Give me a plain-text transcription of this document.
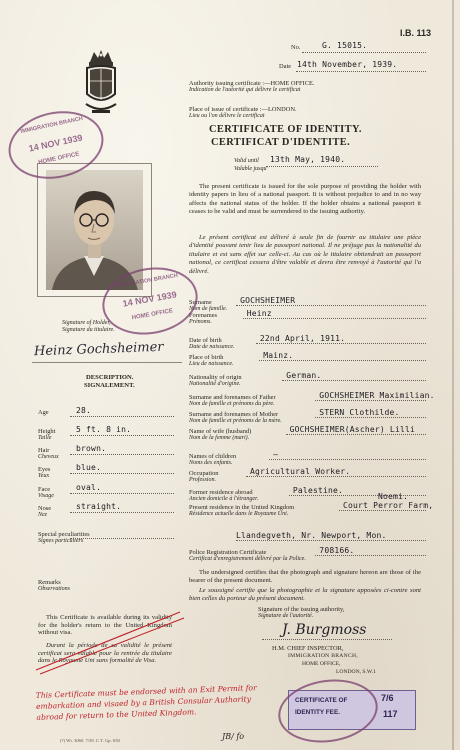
I.B. 113
No.	G. 15015.
Date 14th November, 1939.
Authority issuing certificate :—HOME OFFICE.
Indication de l'autorité qui délivre le certificat
Place of issue of certificate :—LONDON.
Lieu ou l'on délivre le certificat
CERTIFICATE OF IDENTITY.
CERTIFICAT D'IDENTITE.
Valid until
Valable jusqu'
13th May, 1940.
The present certificate is issued for the sole purpose of providing the holder with identity papers in lieu of a national passport. It is without prejudice to and in no way affects the national status of the holder. If the holder obtains a national passport it ceases to be valid and must be surrendered to the issuing authority.
Le présent certificat est délivré à seule fin de fournir au titulaire une pièce d'identité pouvant tenir lieu de passeport national. Il ne préjuge pas la nationalité du titulaire et est sans effet sur celle-ci. Au cas où le titulaire obtiendrait un passeport national, ce certificat cessera d'être valable et devra être renvoyé à l'autorité qui l'a délivré.
Signature of Holder,
Signature du titulaire.
Heinz Gochsheimer
Surname
Nom de famille.
GOCHSHEIMER
Forenames
Prénoms.
Heinz
Date of birth
Date de naissance.
22nd April, 1911.
Place of birth
Lieu de naissance.
Mainz.
Nationality of origin
Nationalité d'origine.
German.
Surname and forenames of Father
Nom de famille et prénoms du père.
GOCHSHEIMER Maximilian.
Surname and forenames of Mother
Nom de famille et prénoms de la mère.
STERN Clothilde.
Name of wife (husband)
Nom de la femme (mari).
GOCHSHEIMER(Ascher) Lilli
Names of children
Noms des enfants.
—
Occupation
Profession.
Agricultural Worker.
Former residence abroad
Ancien domicile à l'étranger.
Palestine.
Present residence in the United Kingdom
Résidence actuelle dans le Royaume Uni.
Court Perror Farm,
Police Registration Certificate
Certificat d'enregistrement délivré par la Police.
708166.
Noemi.
Llandegveth, Nr. Newport, Mon.
DESCRIPTION.
SIGNALEMENT.
Age	28.
Height
Taille
5 ft. 8 in.
Hair
Cheveux
brown.
Eyes
Yeux
blue.
Face
Visage
oval.
Nose
Nez
straight.
Special peculiarities
Signes particuliers
Remarks
Observations
This Certificate is available during its validity for the holder's return to the United Kingdom without visa.
Durant la période de sa validité le présent certificat sera valable pour la rentrée du titulaire dans le Royaume Uni sans formalité de Visa.
The undersigned certifies that the photograph and signature hereon are those of the bearer of the present document.
Le soussigné certifie que la photographie et la signature apposées ci-contre sont bien celles du porteur du présent document.
Signature of the issuing authority,
Signature de l'autorité.
J. Burgmoss
H.M. CHIEF INSPECTOR,
IMMIGRATION BRANCH,
HOME OFFICE,
LONDON, S.W.1
IMMIGRATION BRANCH
14 NOV 1939
HOME OFFICE
IMMIGRATION BRANCH
14 NOV 1939
HOME OFFICE
CERTIFICATE OF
IDENTITY FEE.
7/6
117
This Certificate must be endorsed with an Exit Permit for embarkation and visaed by a British Consular Authority abroad for return to the United Kingdom.
JB/ fo
(?) Wt. 3060. 7/39. C.T. Gp. 650
